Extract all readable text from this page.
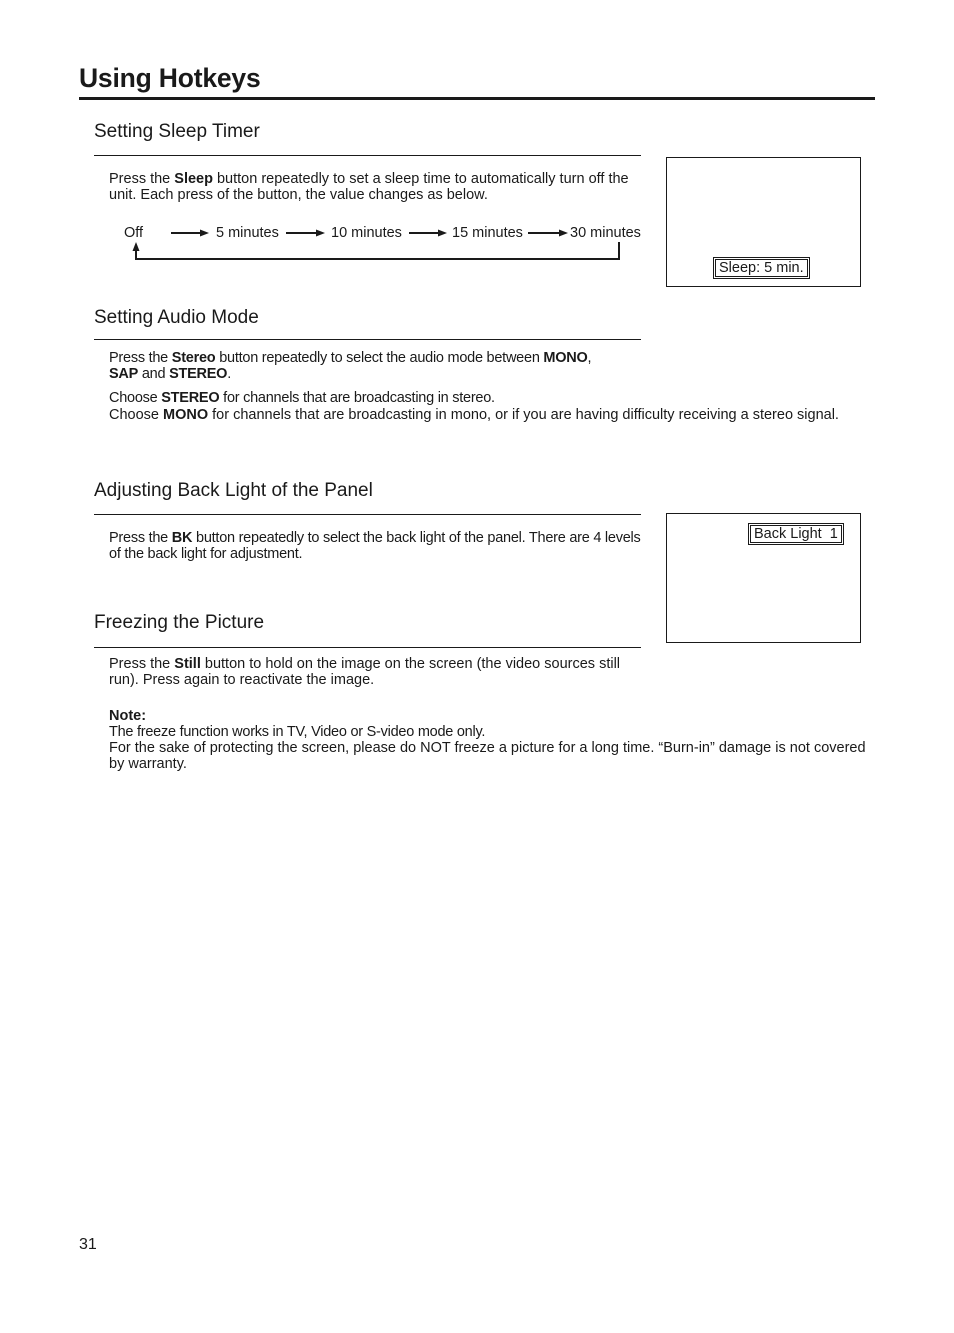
Using Hotkeys
Setting Sleep Timer

Press the Sleep button repeatedly to set a sleep time to automatically turn off the unit. Each press of the button, the value changes as below.

Off	5 minutes	10 minutes	15 minutes	30 minutes
Sleep: 5 min.
Setting Audio Mode

Press the Stereo button repeatedly to select the audio mode between MONO,
SAP and STEREO.

Choose STEREO for channels that are broadcasting in stereo.

Choose MONO for channels that are broadcasting in mono, or if you are having difficulty receiving a stereo signal.

Adjusting Back Light of the Panel

Press the BK button repeatedly to select the back light of the panel. There are 4 levels of the back light for adjustment.

Back Light  1
Freezing the Picture

Press the Still button to hold on the image on the screen (the video sources still run). Press again to reactivate the image.

Note:
The freeze function works in TV, Video or S-video mode only.
For the sake of protecting the screen, please do NOT freeze a picture for a long time. “Burn-in” damage is not covered by warranty.

31
